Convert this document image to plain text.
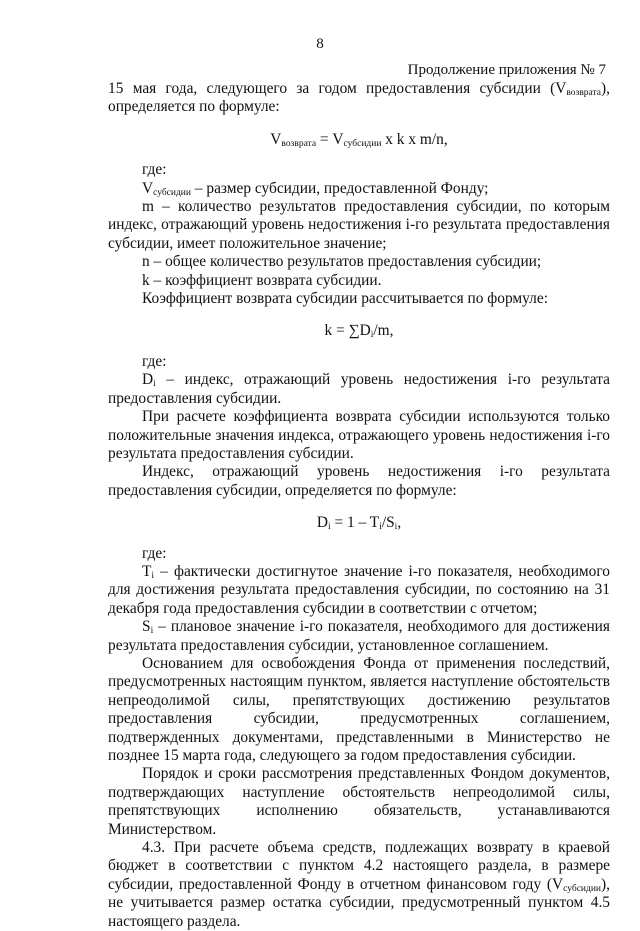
8
Продолжение приложения № 7

15 мая года, следующего за годом предоставления субсидии $(V_{возврата})$, определяется по формуле:

$V_{возврата} = V_{субсидии}$ x k x m/n,

где:

$V_{субсидии}$ – размер субсидии, предоставленной Фонду;

m – количество результатов предоставления субсидии, по которым индекс, отражающий уровень недостижения i-го результата предоставления субсидии, имеет положительное значение;

n – общее количество результатов предоставления субсидии;

k – коэффициент возврата субсидии.

Коэффициент возврата субсидии рассчитывается по формуле:

$k = \sum D_i/m$,

где:

$D_i$ – индекс, отражающий уровень недостижения i-го результата предоставления субсидии.

При расчете коэффициента возврата субсидии используются только положительные значения индекса, отражающего уровень недостижения i-го результата предоставления субсидии.

Индекс, отражающий уровень недостижения i-го результата предоставления субсидии, определяется по формуле:

$D_i = 1 - T_i/S_i$,

где:

$T_i$ – фактически достигнутое значение i-го показателя, необходимого для достижения результата предоставления субсидии, по состоянию на 31 декабря года предоставления субсидии в соответствии с отчетом;

$S_i$ – плановое значение i-го показателя, необходимого для достижения результата предоставления субсидии, установленное соглашением.

Основанием для освобождения Фонда от применения последствий, предусмотренных настоящим пунктом, является наступление обстоятельств непреодолимой силы, препятствующих достижению результатов предоставления субсидии, предусмотренных соглашением, подтвержденных документами, представленными в Министерство не позднее 15 марта года, следующего за годом предоставления субсидии.

Порядок и сроки рассмотрения представленных Фондом документов, подтверждающих наступление обстоятельств непреодолимой силы, препятствующих исполнению обязательств, устанавливаются Министерством.

4.3. При расчете объема средств, подлежащих возврату в краевой бюджет в соответствии с пунктом 4.2 настоящего раздела, в размере субсидии, предоставленной Фонду в отчетном финансовом году $(V_{субсидии})$, не учитывается размер остатка субсидии, предусмотренный пунктом 4.5 настоящего раздела.
